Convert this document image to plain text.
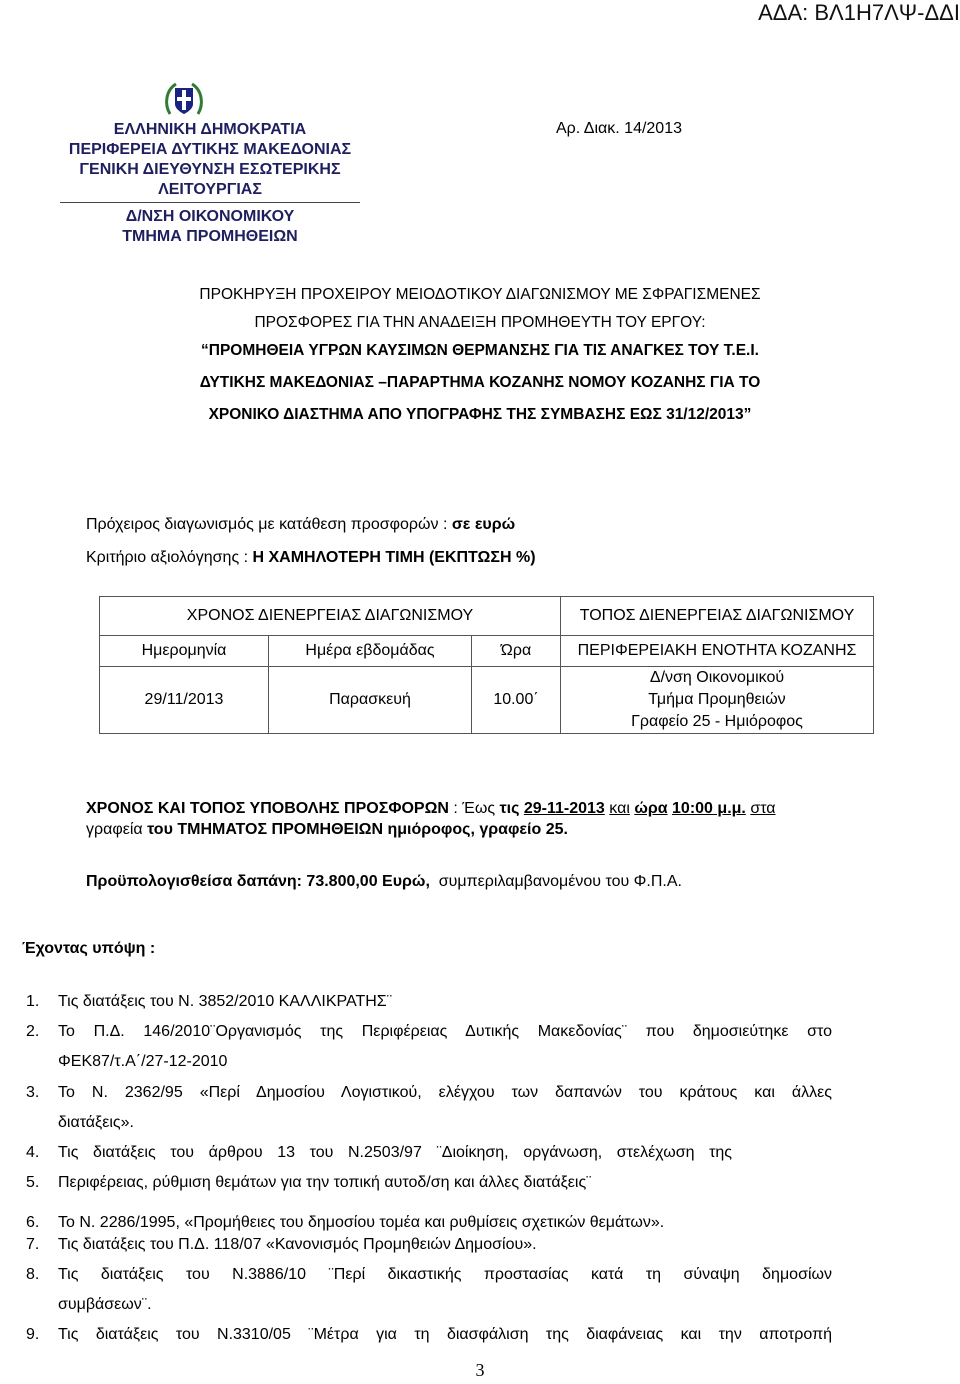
ΑΔΑ: ΒΛ1Η7ΛΨ-ΔΔΙ
ΕΛΛΗΝΙΚΗ ΔΗΜΟΚΡΑΤΙΑ
ΠΕΡΙΦΕΡΕΙΑ ΔΥΤΙΚΗΣ ΜΑΚΕΔΟΝΙΑΣ
ΓΕΝΙΚΗ ΔΙΕΥΘΥΝΣΗ ΕΣΩΤΕΡΙΚΗΣ
ΛΕΙΤΟΥΡΓΙΑΣ
Δ/ΝΣΗ ΟΙΚΟΝΟΜΙΚΟΥ
ΤΜΗΜΑ ΠΡΟΜΗΘΕΙΩΝ
Αρ. Διακ. 14/2013
ΠΡΟΚΗΡΥΞΗ ΠΡΟΧΕΙΡΟΥ ΜΕΙΟΔΟΤΙΚΟΥ ΔΙΑΓΩΝΙΣΜΟΥ ΜΕ ΣΦΡΑΓΙΣΜΕΝΕΣ
ΠΡΟΣΦΟΡΕΣ ΓΙΑ ΤΗΝ ΑΝΑΔΕΙΞΗ ΠΡΟΜΗΘΕΥΤΗ ΤΟΥ ΕΡΓΟΥ:
“ΠΡΟΜΗΘΕΙΑ ΥΓΡΩΝ ΚΑΥΣΙΜΩΝ ΘΕΡΜΑΝΣΗΣ ΓΙΑ ΤΙΣ ΑΝΑΓΚΕΣ ΤΟΥ Τ.Ε.Ι.
ΔΥΤΙΚΗΣ ΜΑΚΕΔΟΝΙΑΣ –ΠΑΡΑΡΤΗΜΑ ΚΟΖΑΝΗΣ ΝΟΜΟΥ ΚΟΖΑΝΗΣ ΓΙΑ ΤΟ
ΧΡΟΝΙΚΟ ΔΙΑΣΤΗΜΑ ΑΠΟ ΥΠΟΓΡΑΦΗΣ ΤΗΣ ΣΥΜΒΑΣΗΣ ΕΩΣ 31/12/2013”
Πρόχειρος διαγωνισμός με κατάθεση προσφορών : σε ευρώ
Κριτήριο αξιολόγησης : Η ΧΑΜΗΛΟΤΕΡΗ ΤΙΜΗ (ΕΚΠΤΩΣΗ %)
ΧΡΟΝΟΣ ΔΙΕΝΕΡΓΕΙΑΣ ΔΙΑΓΩΝΙΣΜΟΥ			ΤΟΠΟΣ ΔΙΕΝΕΡΓΕΙΑΣ ΔΙΑΓΩΝΙΣΜΟΥ
Ημερομηνία	Ημέρα εβδομάδας	Ώρα	ΠΕΡΙΦΕΡΕΙΑΚΗ ΕΝΟΤΗΤΑ ΚΟΖΑΝΗΣ
29/11/2013	Παρασκευή	10.00΄	Δ/νση Οικονομικού
Τμήμα Προμηθειών
Γραφείο 25 - Ημιόροφος
ΧΡΟΝΟΣ ΚΑΙ ΤΟΠΟΣ ΥΠΟΒΟΛΗΣ ΠΡΟΣΦΟΡΩΝ : Έως τις 29-11-2013 και ώρα 10:00 μ.μ. στα
γραφεία του ΤΜΗΜΑΤΟΣ ΠΡΟΜΗΘΕΙΩΝ ημιόροφος, γραφείο 25.
Προϋπολογισθείσα δαπάνη: 73.800,00 Ευρώ, συμπεριλαμβανομένου του Φ.Π.Α.
Έχοντας υπόψη :
1. Τις διατάξεις του Ν. 3852/2010 ΚΑΛΛΙΚΡΑΤΗΣ¨
2. Το Π.Δ. 146/2010¨Οργανισμός της Περιφέρειας Δυτικής Μακεδονίας¨ που δημοσιεύτηκε στο
ΦΕΚ87/τ.Α΄/27-12-2010
3. Το Ν. 2362/95 «Περί Δημοσίου Λογιστικού, ελέγχου των δαπανών του κράτους και άλλες
διατάξεις».
4. Τις διατάξεις του άρθρου 13 του Ν.2503/97 ¨Διοίκηση, οργάνωση, στελέχωση της
5. Περιφέρειας, ρύθμιση θεμάτων για την τοπική αυτοδ/ση και άλλες διατάξεις¨
6. Το Ν. 2286/1995, «Προμήθειες του δημοσίου τομέα και ρυθμίσεις σχετικών θεμάτων».
7. Τις διατάξεις του Π.Δ. 118/07 «Κανονισμός Προμηθειών Δημοσίου».
8. Τις διατάξεις του Ν.3886/10 ¨Περί δικαστικής προστασίας κατά τη σύναψη δημοσίων
συμβάσεων¨.
9. Τις διατάξεις του Ν.3310/05 ¨Μέτρα για τη διασφάλιση της διαφάνειας και την αποτροπή
3
